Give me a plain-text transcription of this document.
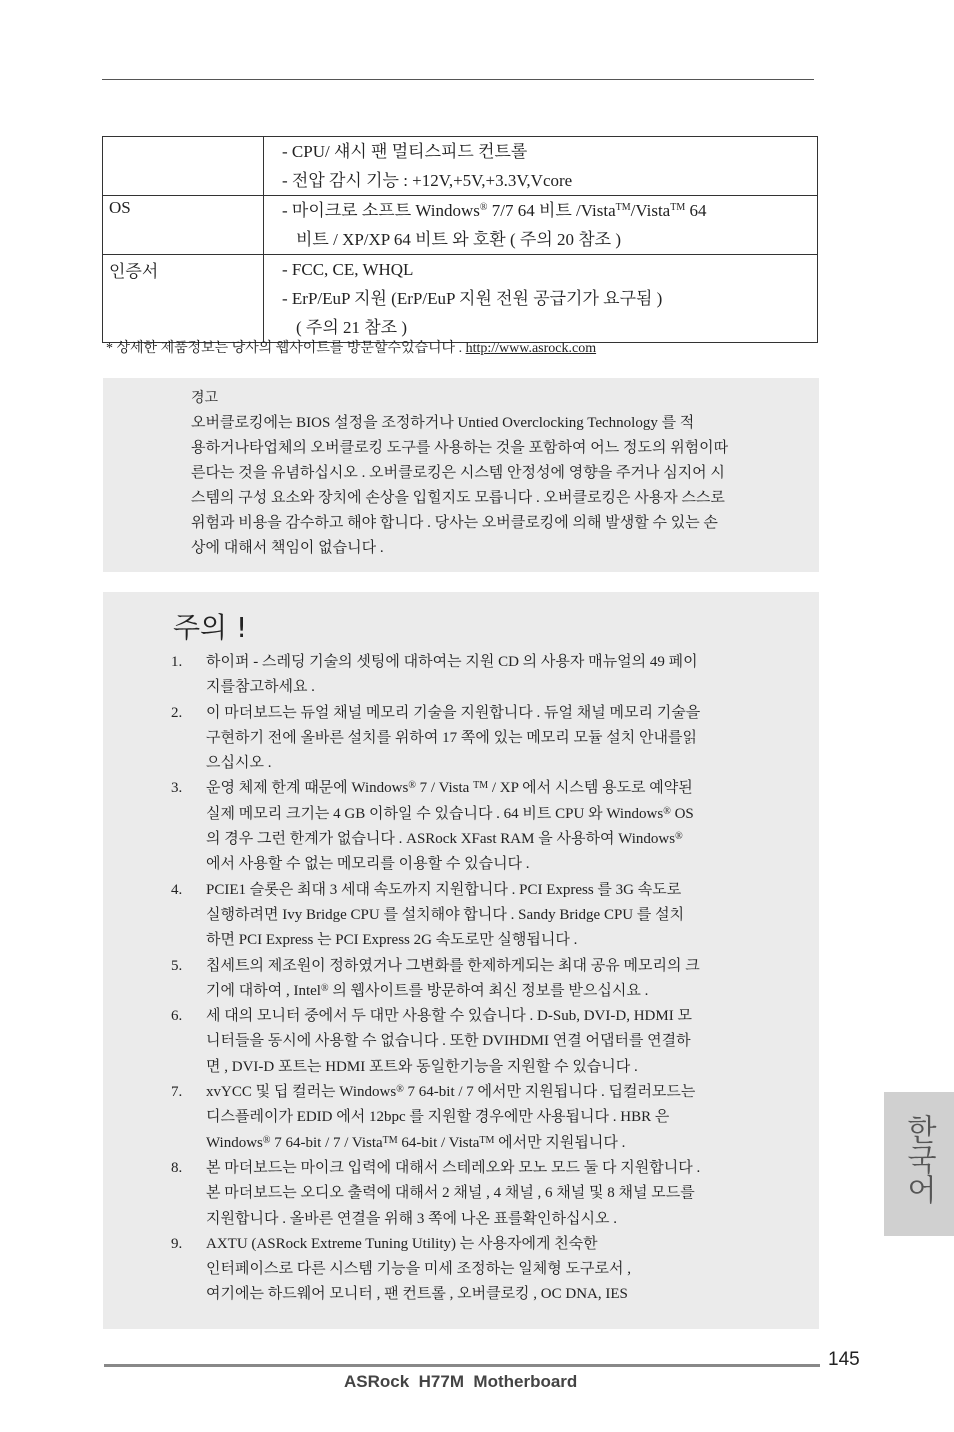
	- CPU/ 섀시 팬 멀티스피드 컨트롤
- 전압 감시 기능 : +12V,+5V,+3.3V,Vcore

OS	- 마이크로 소프트 Windows® 7/7 64 비트 /Vista™/Vista™ 64
비트 / XP/XP 64 비트 와 호환 ( 주의 20 참조 )

인증서	- FCC, CE, WHQL
- ErP/EuP 지원 (ErP/EuP 지원 전원 공급기가 요구됨 )
( 주의 21 참조 )
* 상세한 제품정보는 당사의 웹사이트를 방문할수있습니다 . http://www.asrock.com
경고
오버클로킹에는 BIOS 설정을 조정하거나 Untied Overclocking Technology 를 적
용하거나타업체의 오버클로킹 도구를 사용하는 것을 포함하여 어느 정도의 위험이따
른다는 것을 유념하십시오 . 오버클로킹은 시스템 안정성에 영향을 주거나 심지어 시
스템의 구성 요소와 장치에 손상을 입힐지도 모릅니다 . 오버클로킹은 사용자 스스로
위험과 비용을 감수하고 해야 합니다 . 당사는 오버클로킹에 의해 발생할 수 있는 손
상에 대해서 책임이 없습니다 .
주의 !
1.	하이퍼 - 스레딩 기술의 셋팅에 대하여는 지원 CD 의 사용자 매뉴얼의 49 페이
지를참고하세요 .
2.	이 마더보드는 듀얼 채널 메모리 기술을 지원합니다 . 듀얼 채널 메모리 기술을
구현하기 전에 올바른 설치를 위하여 17 쪽에 있는 메모리 모듈 설치 안내를읽
으십시오 .
3.	운영 체제 한계 때문에 Windows® 7 / Vista ™ / XP 에서 시스템 용도로 예약된
실제 메모리 크기는 4 GB 이하일 수 있습니다 . 64 비트 CPU 와 Windows® OS
의 경우 그런 한계가 없습니다 . ASRock XFast RAM 을 사용하여 Windows®
에서 사용할 수 없는 메모리를 이용할 수 있습니다 .
4.	PCIE1 슬롯은 최대 3 세대 속도까지 지원합니다 . PCI Express 를 3G 속도로
실행하려면 Ivy Bridge CPU 를 설치해야 합니다 . Sandy Bridge CPU 를 설치
하면 PCI Express 는 PCI Express 2G 속도로만 실행됩니다 .
5.	칩세트의 제조원이 정하였거나 그변화를 한제하게되는 최대 공유 메모리의 크
기에 대하여 , Intel® 의 웹사이트를 방문하여 최신 정보를 받으십시요 .
6.	세 대의 모니터 중에서 두 대만 사용할 수 있습니다 . D-Sub, DVI-D, HDMI 모
니터들을 동시에 사용할 수 없습니다 . 또한 DVIHDMI 연결 어댑터를 연결하
면 , DVI-D 포트는 HDMI 포트와 동일한기능을 지원할 수 있습니다 .
7.	xvYCC 및 딥 컬러는 Windows® 7 64-bit / 7 에서만 지원됩니다 . 딥컬러모드는
디스플레이가 EDID 에서 12bpc 를 지원할 경우에만 사용됩니다 . HBR 은
Windows® 7 64-bit / 7 / Vista™ 64-bit / Vista™ 에서만 지원됩니다 .
8.	본 마더보드는 마이크 입력에 대해서 스테레오와 모노 모드 둘 다 지원합니다 .
본 마더보드는 오디오 출력에 대해서 2 채널 , 4 채널 , 6 채널 및 8 채널 모드를
지원합니다 . 올바른 연결을 위해 3 쪽에 나온 표를확인하십시오 .
9.	AXTU (ASRock Extreme Tuning Utility) 는 사용자에게 친숙한
인터페이스로 다른 시스템 기능을 미세 조정하는 일체형 도구로서 ,
여기에는 하드웨어 모니터 , 팬 컨트롤 , 오버클로킹 , OC DNA, IES
한국어
145
ASRock  H77M  Motherboard
